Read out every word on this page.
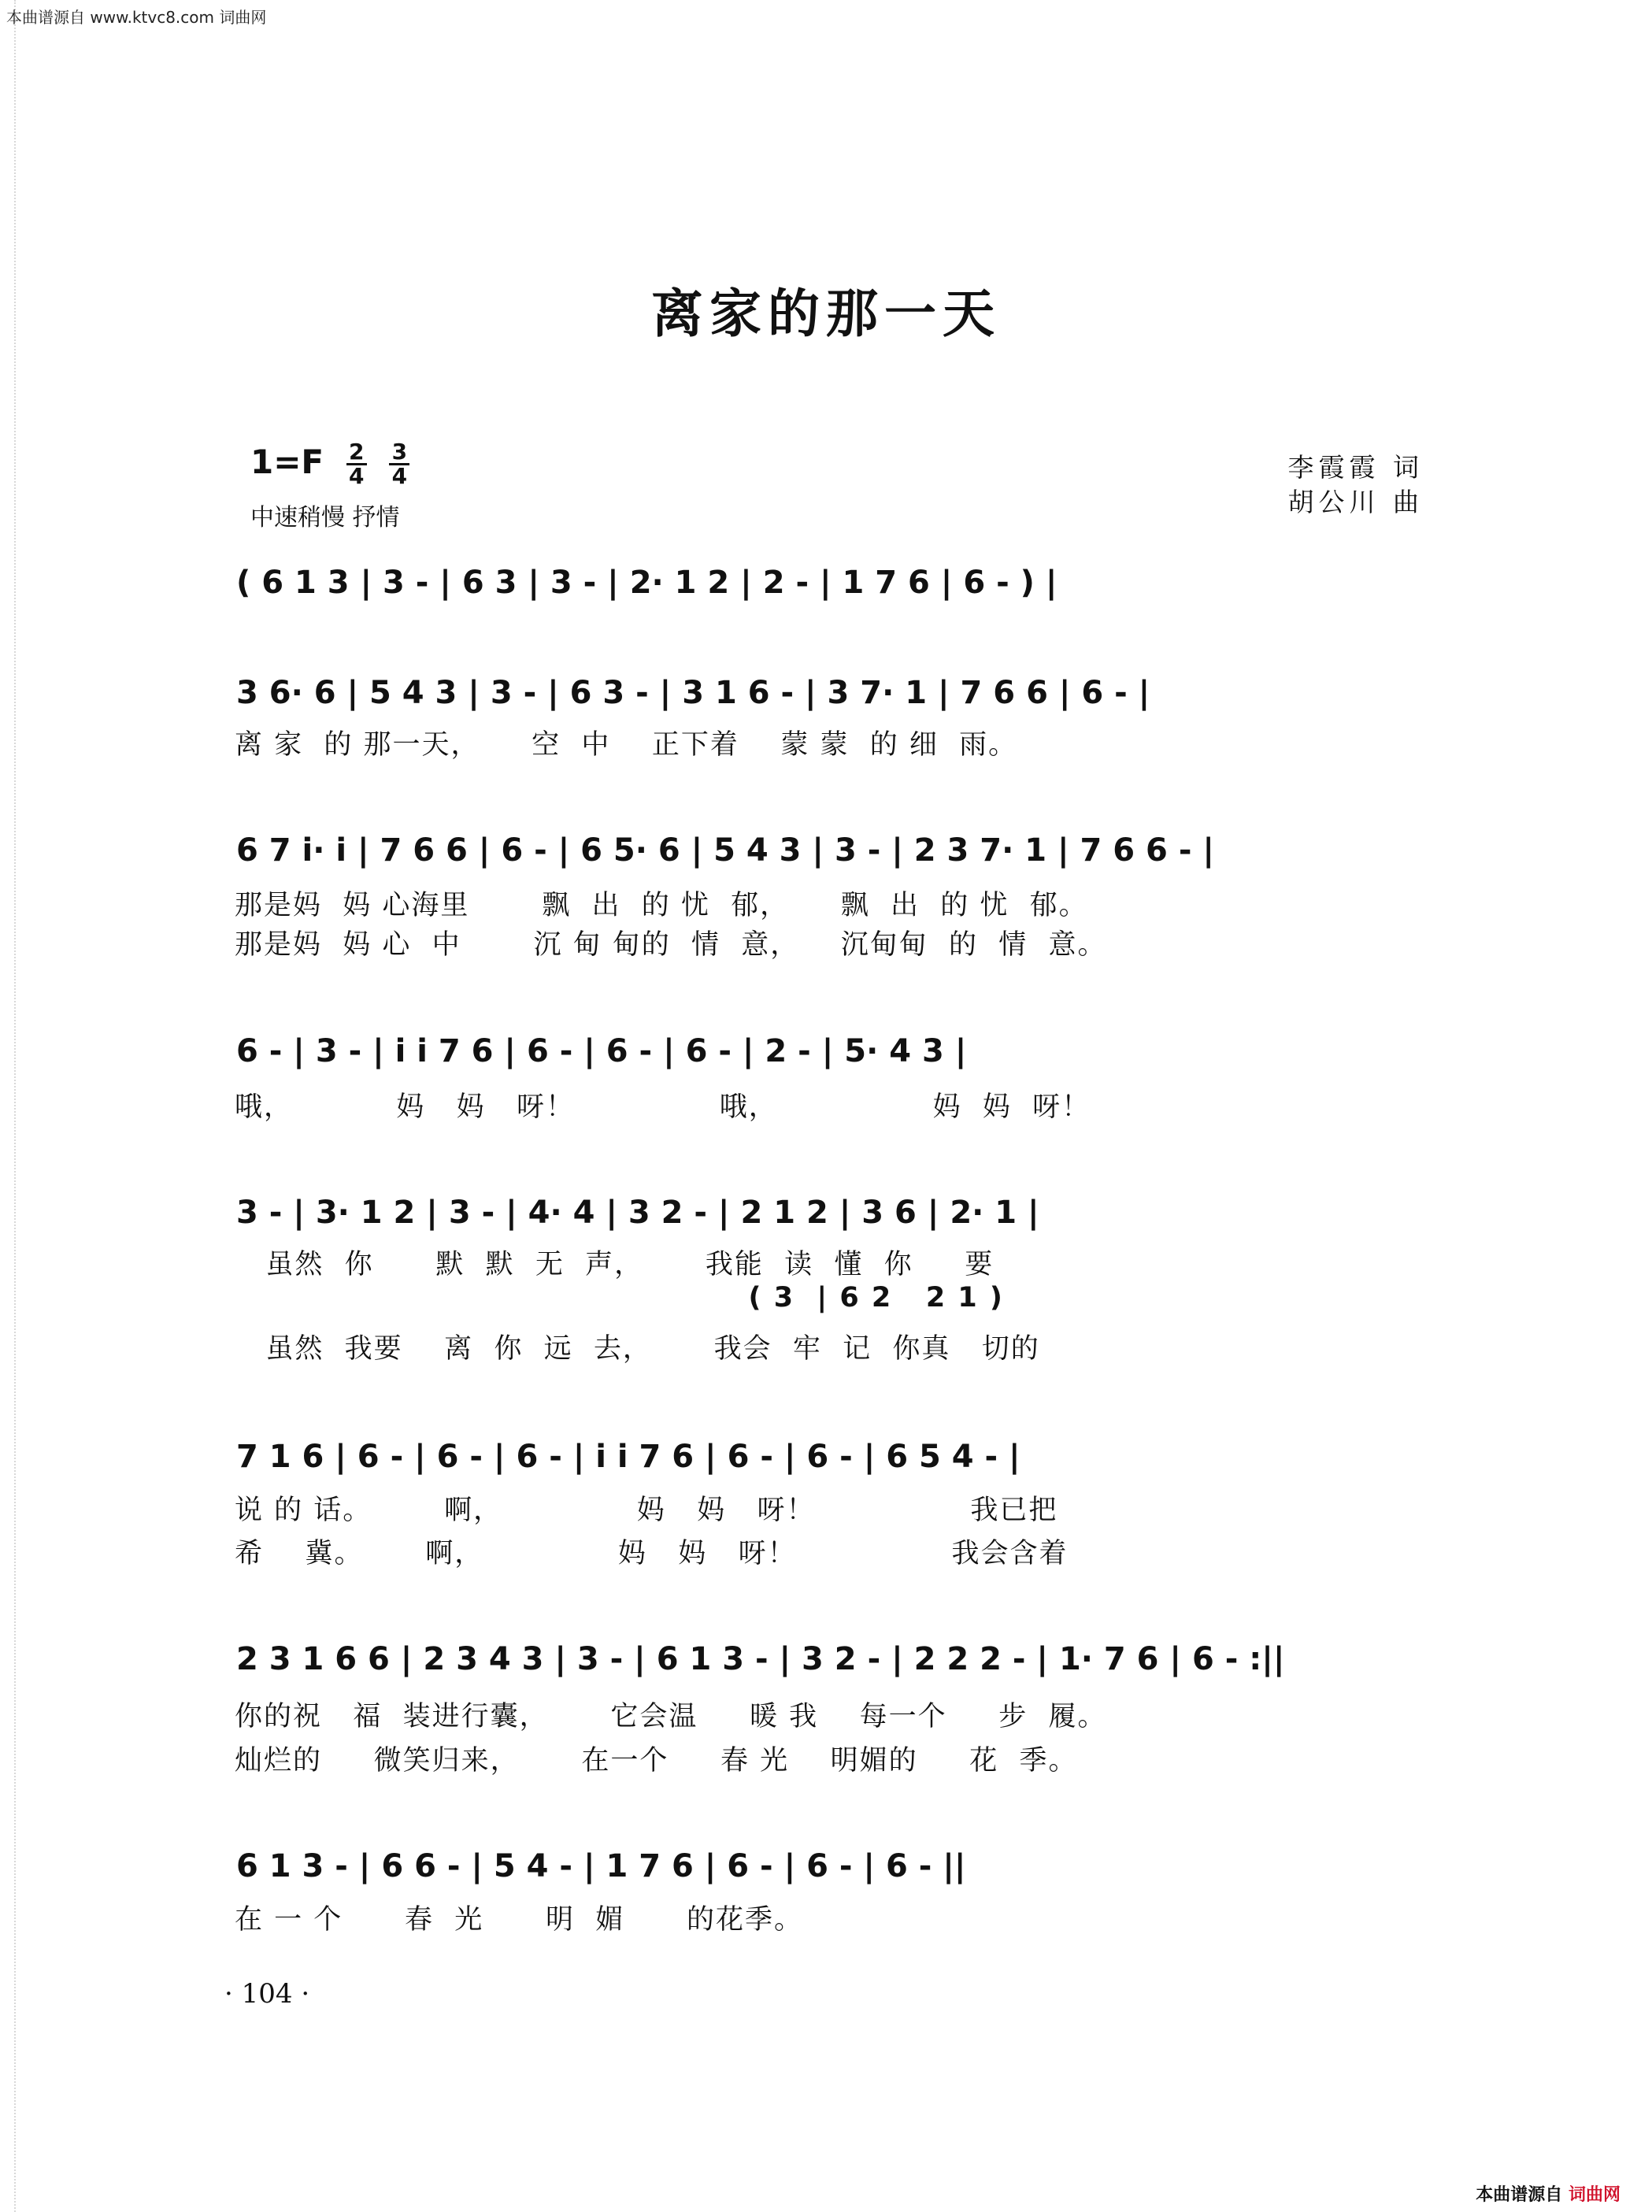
本曲谱源自 www.ktvc8.com 词曲网
离家的那一天
$1=F \frac{2}{4}$
$\frac{3}{4}$
中速稍慢 抒情
李霞霞 词
胡公川 曲
( 6 1 3 | 3 - | 6 3 | 3 - | 2· 1 2 | 2 - | 1 7 6 | 6 - ) |
3 6· 6 | 5 4 3 | 3 - | 6 3 - | 3 1 6 - | 3 7· 1 | 7 6 6 | 6 - |
离 家  的 那一天，     空  中    正下着    蒙 蒙  的 细  雨。
6 7 i· i | 7 6 6 | 6 - | 6 5· 6 | 5 4 3 | 3 - | 2 3 7· 1 | 7 6 6 - |
那是妈  妈 心海里       飘  出  的 忧  郁，     飘  出  的 忧  郁。
那是妈  妈 心  中       沉 甸 甸的  情  意，    沉甸甸  的  情  意。
6 - | 3 - | i i 7 6 | 6 - | 6 - | 6 - | 2 - | 5· 4 3 |
哦，          妈   妈   呀！              哦，               妈  妈  呀！
3 - | 3· 1 2 | 3 - | 4· 4 | 3 2 - | 2 1 2 | 3 6 | 2· 1 |
虽然  你      默  默  无  声，      我能  读  懂  你     要
( 3  | 6 2   2 1 )
虽然  我要    离  你  远  去，      我会  牢  记  你真   切的
7 1 6 | 6 - | 6 - | 6 - | i i 7 6 | 6 - | 6 - | 6 5 4 - |
说 的 话。       啊，             妈   妈   呀！               我已把
希    冀。      啊，             妈   妈   呀！               我会含着
2 3 1 6 6 | 2 3 4 3 | 3 - | 6 1 3 - | 3 2 - | 2 2 2 - | 1· 7 6 | 6 - :||
你的祝   福  装进行囊，      它会温     暖 我    每一个     步  履。
灿烂的     微笑归来，      在一个     春 光    明媚的     花  季。
6 1 3 - | 6 6 - | 5 4 - | 1 7 6 | 6 - | 6 - | 6 - ||
在 一 个      春  光      明  媚      的花季。
· 104 ·
本曲谱源自 词曲网
